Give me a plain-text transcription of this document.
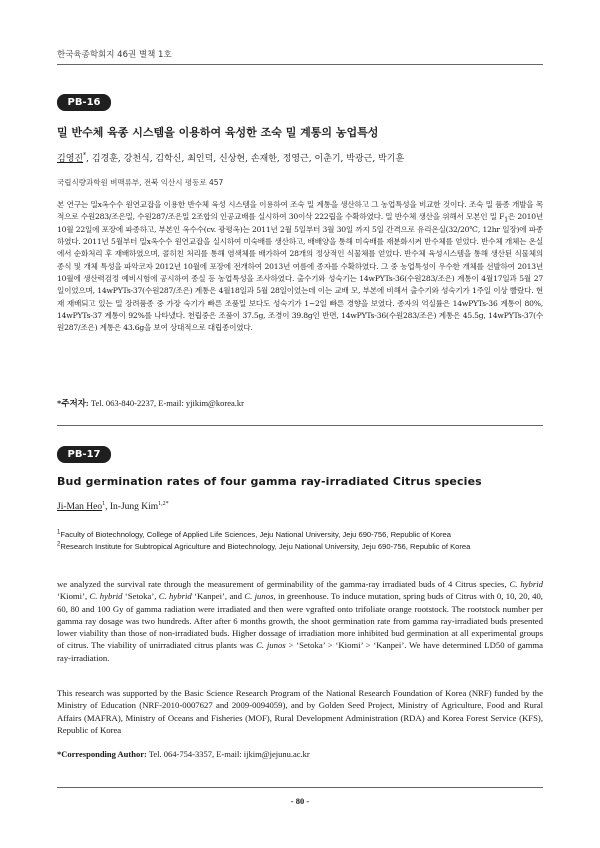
한국육종학회지 46권 별책 1호
PB-16
밀 반수체 육종 시스템을 이용하여 육성한 조숙 밀 계통의 농업특성
김영진*, 김경훈, 강천식, 김학신, 최인덕, 신상현, 손재한, 정영근, 이춘기, 박광근, 박기훈
국립식량과학원 벼맥류부, 전북 익산시 평동로 457
본 연구는 밀x옥수수 원연교잡을 이용한 반수체 육성 시스템을 이용하여 조숙 밀 계통을 생산하고 그 농업특성을 비교한 것이다. 조숙 밀 품종 개발을 목적으로 수원283/조은밀, 수원287/조은밀 2조합의 인공교배를 실시하여 30이삭 222립을 수확하였다. 밀 반수체 생산을 위해서 모본인 밀 $F_1$은 2010년 10월 22일에 포장에 파종하고, 부본인 옥수수(cv. 광평옥)는 2011년 2월 5일부터 3월 30일 까지 5일 간격으로 유리온실(32/20℃, 12hr 일장)에 파종하였다. 2011년 5월부터 밀x옥수수 원연교잡을 실시하여 미숙배를 생산하고, 배배양을 통해 미숙배를 재분화시켜 반수체를 얻었다. 반수체 개체는 온실에서 순화처리 후 재배하였으며, 콜히친 처리를 통해 염색체를 배가하여 28개의 정상적인 식물체를 얻었다. 반수체 육성시스템을 통해 생산된 식물체의 종식 및 개체 특성을 파악코자 2012년 10월에 포장에 전개하여 2013년 여름에 종자를 수확하였다. 그 중 농업특성이 우수한 개체를 선발하여 2013년 10월에 생산력검정 예비시험에 공시하여 종실 등 농업특성을 조사하였다. 출수기와 성숙기는 14wPYTs-36(수원283/조은) 계통이 4월17일과 5월 27일이었으며, 14wPYTs-37(수원287/조은) 계통은 4월18일과 5월 28일이었는데 이는 교배 모, 부본에 비해서 출수기와 성숙기가 1주일 이상 빨랐다. 현재 재배되고 있는 밀 장려품종 중 가장 숙기가 빠른 조품밀 보다도 성숙기가 1~2일 빠른 경향을 보였다. 종자의 억실률은 14wPYTs-36 계통이 80%, 14wPYTs-37 계통이 92%를 나타냈다. 천립중은 조품이 37.5g, 조경이 39.8g인 반면, 14wPYTs-36(수원283/조은) 계통은 45.5g, 14wPYTs-37(수원287/조은) 계통은 43.6g을 보여 상대적으로 대립종이였다.
*주저자: Tel. 063-840-2237, E-mail: yjikim@korea.kr
PB-17
Bud germination rates of four gamma ray-irradiated Citrus species
Ji-Man Heo$^1$, In-Jung Kim$^{1,2*}$
$^1$Faculty of Biotechnology, College of Applied Life Sciences, Jeju National University, Jeju 690-756, Republic of Korea
$^2$Research Institute for Subtropical Agriculture and Biotechnology, Jeju National University, Jeju 690-756, Republic of Korea
we analyzed the survival rate through the measurement of germinability of the gamma-ray irradiated buds of 4 Citrus species, C. hybrid ‘Kiomi’, C. hybrid ‘Setoka’, C. hybrid ‘Kanpei’, and C. junos, in greenhouse. To induce mutation, spring buds of Citrus with 0, 10, 20, 40, 60, 80 and 100 Gy of gamma radiation were irradiated and then were vgrafted onto trifoliate orange rootstock. The rootstock number per gamma ray dosage was two hundreds. After after 6 months growth, the shoot germination rate from gamma ray-irradiated buds presented lower viability than those of non-irradiated buds. Higher dossage of irradiation more inhibited bud germination at all experimental groups of citrus. The viability of unirradiated citrus plants was C. junos > ‘Setoka’ > ‘Kiomi’ > ‘Kanpei’. We have determined LD50 of gamma ray-irradiation.
This research was supported by the Basic Science Research Program of the National Research Foundation of Korea (NRF) funded by the Ministry of Education (NRF-2010-0007627 and 2009-0094059), and by Golden Seed Project, Ministry of Agriculture, Food and Rural Affairs (MAFRA), Ministry of Oceans and Fisheries (MOF), Rural Development Administration (RDA) and Korea Forest Service (KFS), Republic of Korea
*Corresponding Author: Tel. 064-754-3357, E-mail: ijkim@jejunu.ac.kr
- 80 -
